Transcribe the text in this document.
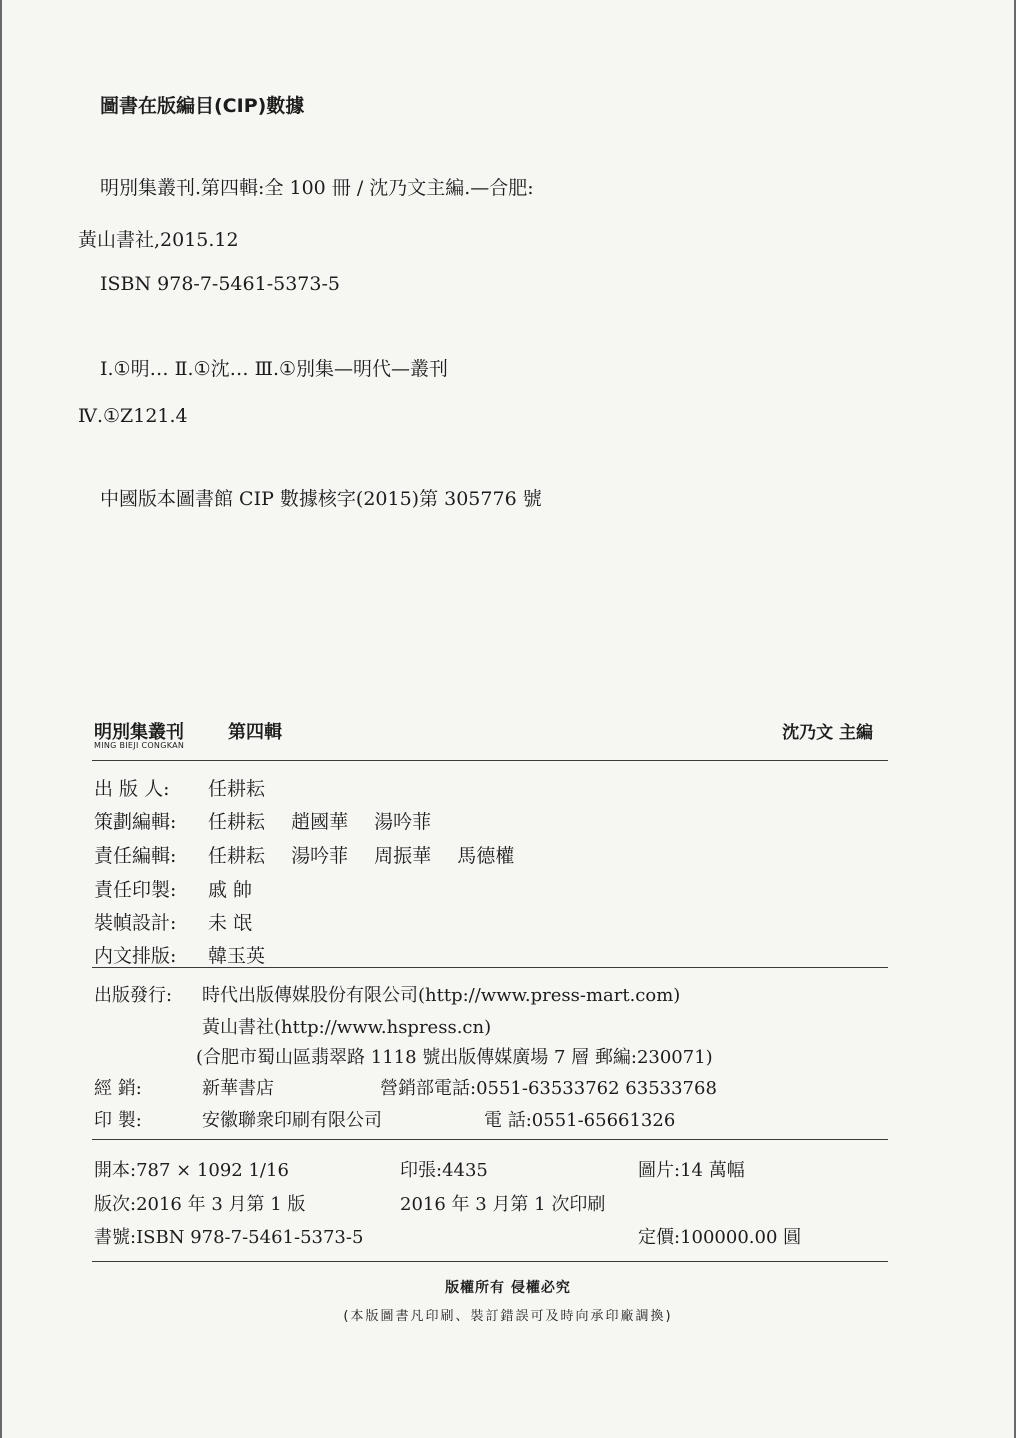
圖書在版編目(CIP)數據
明別集叢刊.第四輯:全 100 冊 / 沈乃文主編.—合肥:
黃山書社,2015.12
ISBN 978-7-5461-5373-5
Ⅰ.①明… Ⅱ.①沈… Ⅲ.①別集—明代—叢刊
Ⅳ.①Z121.4
中國版本圖書館 CIP 數據核字(2015)第 305776 號
明別集叢刊 第四輯
MING BIEJI CONGKAN
沈乃文 主編
出 版 人: 任耕耘
策劃編輯: 任耕耘 趙國華 湯吟菲
責任編輯: 任耕耘 湯吟菲 周振華 馬德權
責任印製: 戚 帥
裝幀設計: 未 氓
内文排版: 韓玉英
出版發行: 時代出版傳媒股份有限公司(http://www.press-mart.com)
黃山書社(http://www.hspress.cn)
(合肥市蜀山區翡翠路 1118 號出版傳媒廣場 7 層 郵編:230071)
經 銷:	新華書店	營銷部電話:0551-63533762 63533768
印 製:	安徽聯衆印刷有限公司	電 話:0551-65661326
開本:787 × 1092 1/16	印張:4435	圖片:14 萬幅
版次:2016 年 3 月第 1 版	2016 年 3 月第 1 次印刷
書號:ISBN 978-7-5461-5373-5	定價:100000.00 圓
版權所有 侵權必究
(本版圖書凡印刷、裝訂錯誤可及時向承印廠調換)
